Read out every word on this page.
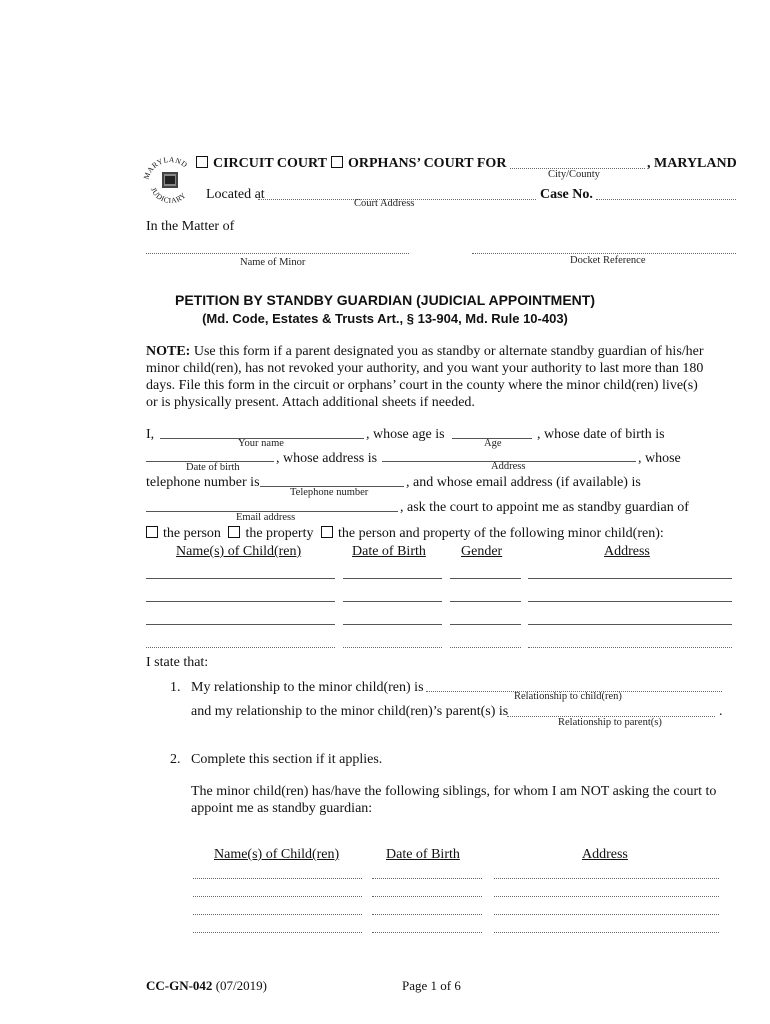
MARYLAND
JUDICIARY
CIRCUIT COURT	ORPHANS’ COURT FOR	, MARYLAND
City/County
Located at	Case No.
Court Address
In the Matter of
Name of Minor	Docket Reference
PETITION BY STANDBY GUARDIAN (JUDICIAL APPOINTMENT)
(Md. Code, Estates & Trusts Art., § 13-904, Md. Rule 10-403)
NOTE: Use this form if a parent designated you as standby or alternate standby guardian of his/her minor child(ren), has not revoked your authority, and you want your authority to last more than 180 days. File this form in the circuit or orphans’ court in the county where the minor child(ren) live(s) or is physically present. Attach additional sheets if needed.
I,	, whose age is	, whose date of birth is
Your name	Age
, whose address is	, whose
Date of birth	Address
telephone number is	, and whose email address (if available) is
Telephone number
, ask the court to appoint me as standby guardian of
Email address
the person the property the person and property of the following minor child(ren):
Name(s) of Child(ren)	Date of Birth	Gender	Address
I state that:
1. My relationship to the minor child(ren) is
Relationship to child(ren)
and my relationship to the minor child(ren)’s parent(s) is	.
Relationship to parent(s)
2. Complete this section if it applies.
The minor child(ren) has/have the following siblings, for whom I am NOT asking the court to appoint me as standby guardian:
Name(s) of Child(ren)	Date of Birth	Address
CC-GN-042 (07/2019)	Page 1 of 6
